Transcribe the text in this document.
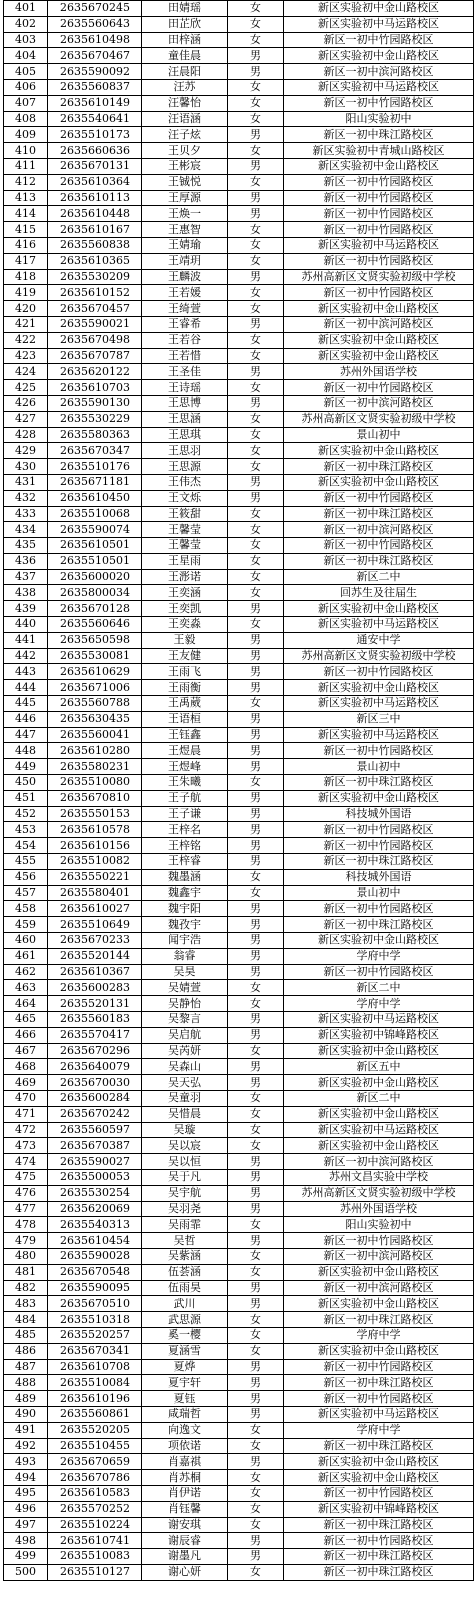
401	2635670245	田婧瑶	女	新区实验初中金山路校区
402	2635560643	田芷欣	女	新区实验初中马运路校区
403	2635610498	田梓涵	女	新区一初中竹园路校区
404	2635670467	童佳晨	男	新区实验初中金山路校区
405	2635590092	汪晨阳	男	新区一初中滨河路校区
406	2635560837	汪苏	女	新区实验初中马运路校区
407	2635610149	汪馨怡	女	新区一初中竹园路校区
408	2635540641	汪语涵	女	阳山实验初中
409	2635510173	汪子炫	男	新区一初中珠江路校区
410	2635660636	王贝夕	女	新区实验初中青城山路校区
411	2635670131	王彬宸	男	新区实验初中金山路校区
412	2635610364	王铖悦	女	新区一初中竹园路校区
413	2635610113	王厚源	男	新区一初中竹园路校区
414	2635610448	王焕一	男	新区一初中竹园路校区
415	2635610167	王惠智	女	新区一初中竹园路校区
416	2635560838	王婧瑜	女	新区实验初中马运路校区
417	2635610365	王靖玥	女	新区一初中竹园路校区
418	2635530209	王麟波	男	苏州高新区文贤实验初级中学校
419	2635610152	王若媛	女	新区一初中竹园路校区
420	2635670457	王绮萱	女	新区实验初中金山路校区
421	2635590021	王睿希	男	新区一初中滨河路校区
422	2635670498	王若谷	女	新区实验初中金山路校区
423	2635670787	王若惜	女	新区实验初中金山路校区
424	2635620122	王圣佳	男	苏州外国语学校
425	2635610703	王诗瑶	女	新区一初中竹园路校区
426	2635590130	王思博	男	新区一初中滨河路校区
427	2635530229	王思涵	女	苏州高新区文贤实验初级中学校
428	2635580363	王思琪	女	景山初中
429	2635670347	王思羽	女	新区实验初中金山路校区
430	2635510176	王思源	女	新区一初中珠江路校区
431	2635671181	王伟杰	男	新区实验初中金山路校区
432	2635610450	王文烁	男	新区一初中竹园路校区
433	2635510068	王筱甜	女	新区一初中珠江路校区
434	2635590074	王馨莹	女	新区一初中滨河路校区
435	2635610501	王馨莹	女	新区一初中竹园路校区
436	2635510501	王星雨	女	新区一初中珠江路校区
437	2635600020	王浵诺	女	新区二中
438	2635800034	王奕涵	女	回苏生及往届生
439	2635670128	王奕凯	男	新区实验初中金山路校区
440	2635560646	王奕淼	女	新区实验初中马运路校区
441	2635650598	王毅	男	通安中学
442	2635530081	王友健	男	苏州高新区文贤实验初级中学校
443	2635610629	王雨飞	男	新区一初中竹园路校区
444	2635671006	王雨衡	男	新区实验初中金山路校区
445	2635560788	王禹葳	女	新区实验初中马运路校区
446	2635630435	王语桓	男	新区三中
447	2635560041	王钰鑫	男	新区实验初中马运路校区
448	2635610280	王煜晨	男	新区一初中竹园路校区
449	2635580231	王煜峰	男	景山初中
450	2635510080	王朱曦	女	新区一初中珠江路校区
451	2635670810	王子航	男	新区实验初中金山路校区
452	2635550153	王子谦	男	科技城外国语
453	2635610578	王梓名	男	新区一初中竹园路校区
454	2635610156	王梓铭	男	新区一初中竹园路校区
455	2635510082	王梓睿	男	新区一初中珠江路校区
456	2635550221	魏墨涵	女	科技城外国语
457	2635580401	魏鑫宇	女	景山初中
458	2635610027	魏宇阳	男	新区一初中竹园路校区
459	2635510649	魏孜宇	男	新区一初中珠江路校区
460	2635670233	闻宇浩	男	新区实验初中金山路校区
461	2635520144	翁睿	男	学府中学
462	2635610367	吴昊	男	新区一初中竹园路校区
463	2635600283	吴婧萱	女	新区二中
464	2635520131	吴静怡	女	学府中学
465	2635560183	吴黎言	男	新区实验初中马运路校区
466	2635570417	吴启航	男	新区实验初中锦峰路校区
467	2635670296	吴芮妍	女	新区实验初中金山路校区
468	2635640079	吴森山	男	新区五中
469	2635670030	吴天弘	男	新区实验初中金山路校区
470	2635600284	吴童羽	女	新区二中
471	2635670242	吴惜晨	女	新区实验初中金山路校区
472	2635560597	吴璇	女	新区实验初中马运路校区
473	2635670387	吴以宸	女	新区实验初中金山路校区
474	2635590027	吴以恒	男	新区一初中滨河路校区
475	2635500053	吴于凡	男	苏州文昌实验中学校
476	2635530254	吴宇航	男	苏州高新区文贤实验初级中学校
477	2635620069	吴羽尧	男	苏州外国语学校
478	2635540313	吴雨霏	女	阳山实验初中
479	2635610454	吴哲	男	新区一初中竹园路校区
480	2635590028	吴紫涵	女	新区一初中滨河路校区
481	2635670548	伍荟涵	女	新区实验初中金山路校区
482	2635590095	伍雨昊	男	新区一初中滨河路校区
483	2635670510	武川	男	新区实验初中金山路校区
484	2635510318	武思源	女	新区一初中珠江路校区
485	2635520257	奚一樱	女	学府中学
486	2635670341	夏涵雪	女	新区实验初中金山路校区
487	2635610708	夏烨	男	新区一初中竹园路校区
488	2635510084	夏宇轩	男	新区一初中珠江路校区
489	2635610196	夏钰	男	新区一初中竹园路校区
490	2635560861	咸瑞哲	男	新区实验初中马运路校区
491	2635520205	向逸文	女	学府中学
492	2635510455	项依诺	女	新区一初中珠江路校区
493	2635670659	肖嘉祺	男	新区实验初中金山路校区
494	2635670786	肖苏桐	女	新区实验初中金山路校区
495	2635610583	肖伊诺	女	新区一初中竹园路校区
496	2635570252	肖钰馨	女	新区实验初中锦峰路校区
497	2635510224	谢安琪	女	新区一初中珠江路校区
498	2635610741	谢辰睿	男	新区一初中竹园路校区
499	2635510083	谢墨凡	男	新区一初中珠江路校区
500	2635510127	谢心妍	女	新区一初中珠江路校区
